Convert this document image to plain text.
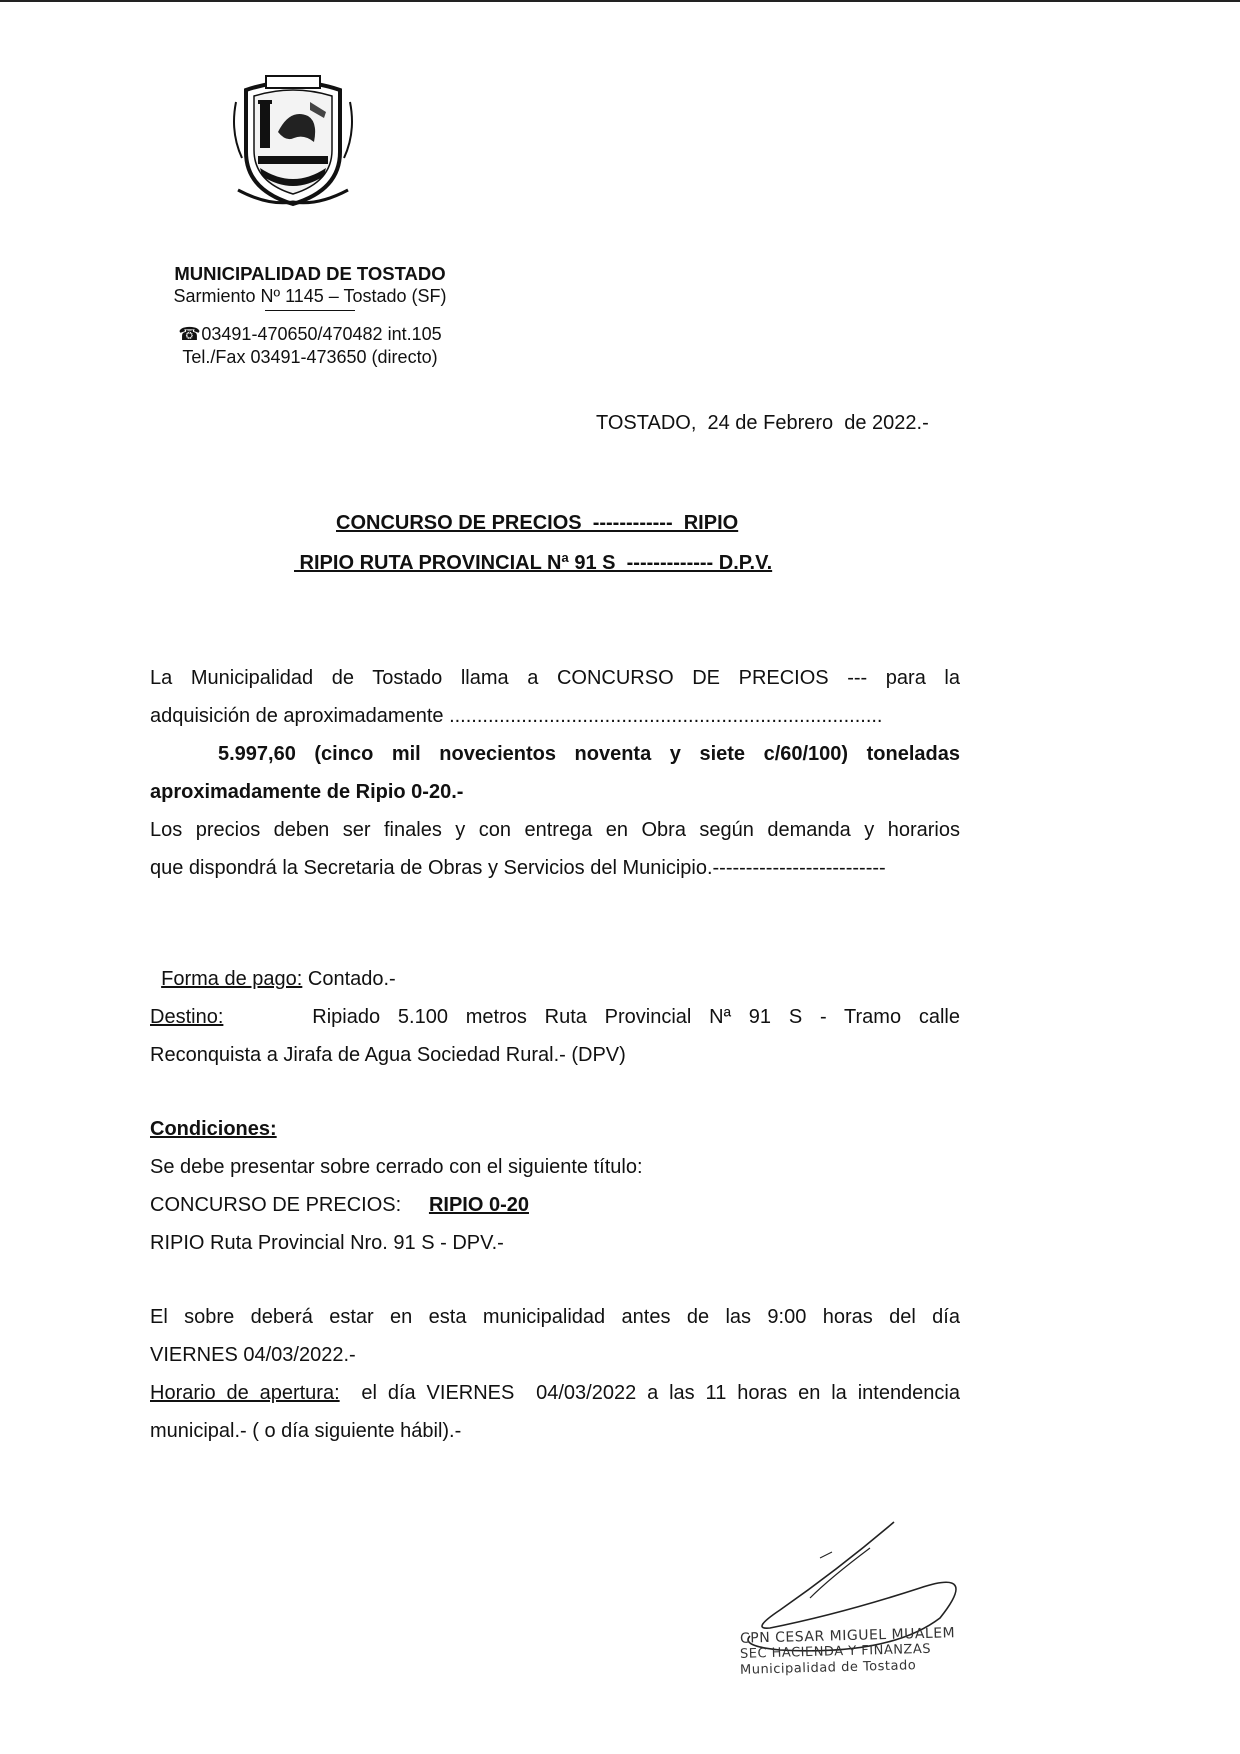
MUNICIPALIDAD DE TOSTADO
Sarmiento Nº 1145 – Tostado (SF)
☎ 03491-470650/470482 int.105
Tel./Fax 03491-473650 (directo)
TOSTADO,  24 de Febrero  de 2022.-
CONCURSO DE PRECIOS  ------------  RIPIO
RIPIO RUTA PROVINCIAL Nª 91 S  ------------- D.P.V.
La Municipalidad de Tostado llama a CONCURSO DE PRECIOS --- para la
adquisición de aproximadamente ..............................................................................
5.997,60 (cinco mil novecientos noventa y siete c/60/100) toneladas
aproximadamente de Ripio 0-20.-
Los precios deben ser finales y con entrega en Obra según demanda y horarios
que dispondrá la Secretaria de Obras y Servicios del Municipio.--------------------------

Forma de pago: Contado.-

Destino:	Ripiado 5.100 metros Ruta Provincial Nª 91 S - Tramo calle
Reconquista a Jirafa de Agua Sociedad Rural.- (DPV)
Condiciones:
Se debe presentar sobre cerrado con el siguiente título:
CONCURSO DE PRECIOS:     RIPIO 0-20
RIPIO Ruta Provincial Nro. 91 S - DPV.-
El sobre deberá estar en esta municipalidad antes de las 9:00 horas del día
VIERNES 04/03/2022.-
Horario de apertura:  el día VIERNES  04/03/2022 a las 11 horas en la intendencia
municipal.- ( o día siguiente hábil).-
CPN CESAR MIGUEL MUALEM
SEC HACIENDA Y FINANZAS
Municipalidad de Tostado
